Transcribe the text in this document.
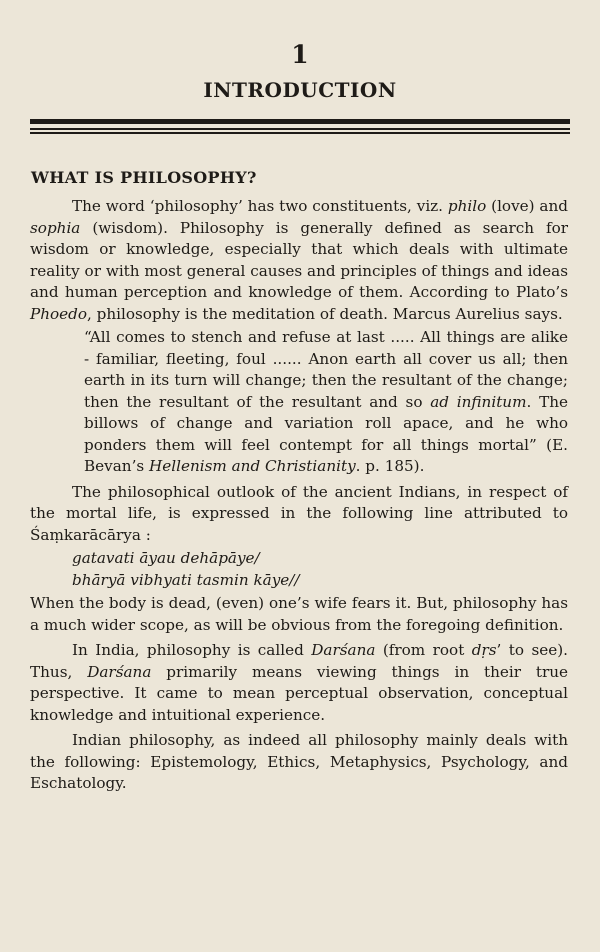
1
INTRODUCTION
WHAT IS PHILOSOPHY?

The word ‘philosophy’ has two constituents, viz. philo (love) and sophia (wisdom). Philosophy is generally defined as search for wisdom or knowledge, especially that which deals with ultimate reality or with most general causes and principles of things and ideas and human perception and knowledge of them. According to Plato’s Phoedo, philosophy is the meditation of death. Marcus Aurelius says.

“All comes to stench and refuse at last ..... All things are alike - familiar, fleeting, foul ...... Anon earth all cover us all; then earth in its turn will change; then the resultant of the change; then the resultant of the resultant and so ad infinitum. The billows of change and variation roll apace, and he who ponders them will feel contempt for all things mortal” (E. Bevan’s Hellenism and Christianity. p. 185).

The philosophical outlook of the ancient Indians, in respect of the mortal life, is expressed in the following line attributed to Śaṃkarācārya :

gatavati āyau dehāpāye/
bhāryā vibhyati tasmin kāye//

When the body is dead, (even) one’s wife fears it. But, philosophy has a much wider scope, as will be obvious from the foregoing definition.

In India, philosophy is called Darśana (from root dṛs’ to see). Thus, Darśana primarily means viewing things in their true perspective. It came to mean perceptual observation, conceptual knowledge and intuitional experience.

Indian philosophy, as indeed all philosophy mainly deals with the following: Epistemology, Ethics, Metaphysics, Psychology, and Eschatology.
